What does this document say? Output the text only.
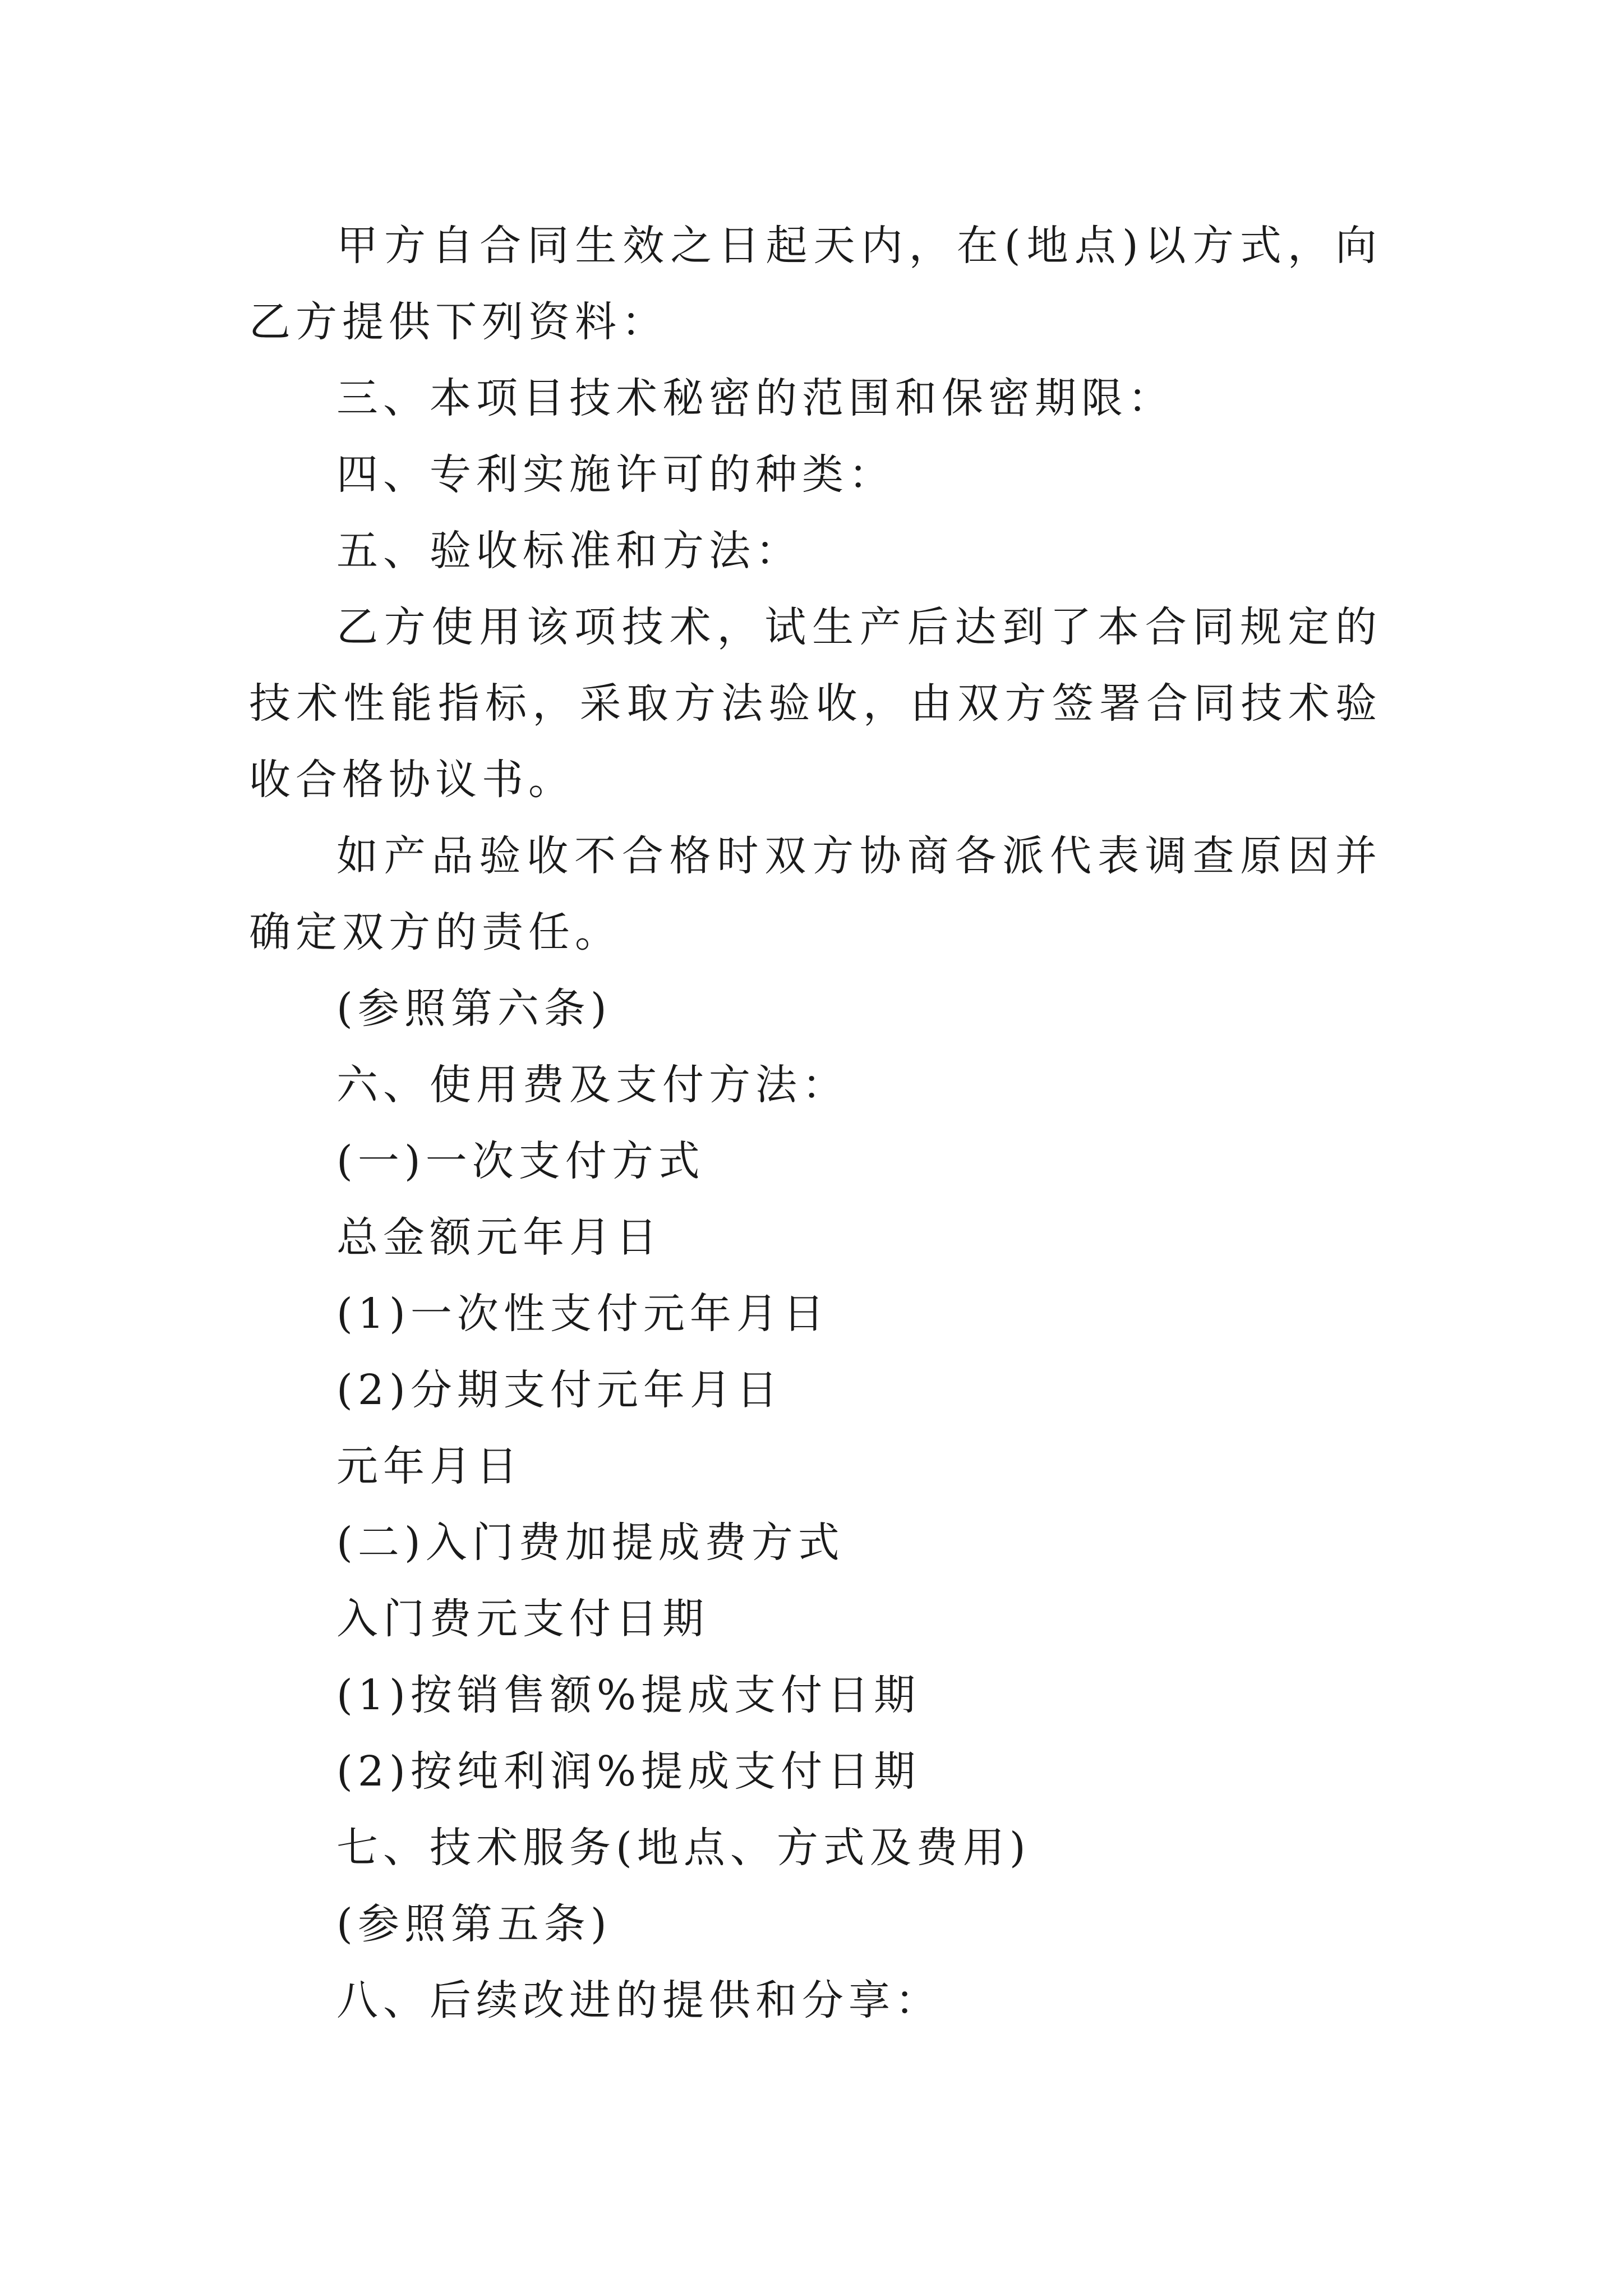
甲方自合同生效之日起天内，在(地点)以方式，向乙方提供下列资料：

三、本项目技术秘密的范围和保密期限：

四、专利实施许可的种类：

五、验收标准和方法：

乙方使用该项技术，试生产后达到了本合同规定的技术性能指标，采取方法验收，由双方签署合同技术验收合格协议书。

如产品验收不合格时双方协商各派代表调查原因并确定双方的责任。

(参照第六条)

六、使用费及支付方法：

(一)一次支付方式

总金额元年月日

(1)一次性支付元年月日

(2)分期支付元年月日

元年月日

(二)入门费加提成费方式

入门费元支付日期

(1)按销售额%提成支付日期

(2)按纯利润%提成支付日期

七、技术服务(地点、方式及费用)

(参照第五条)

八、后续改进的提供和分享：
